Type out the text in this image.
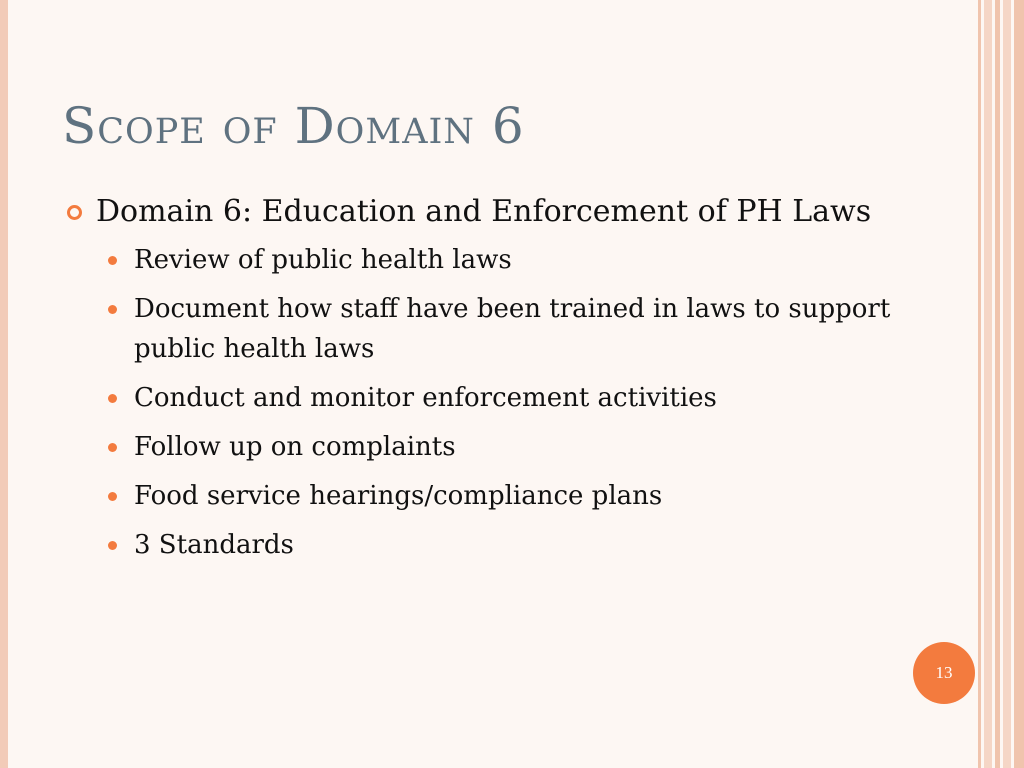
Scope of Domain 6
Domain 6: Education and Enforcement of PH Laws
Review of public health laws
Document how staff have been trained in laws to support public health laws
Conduct and monitor enforcement activities
Follow up on complaints
Food service hearings/compliance plans
3 Standards
13
